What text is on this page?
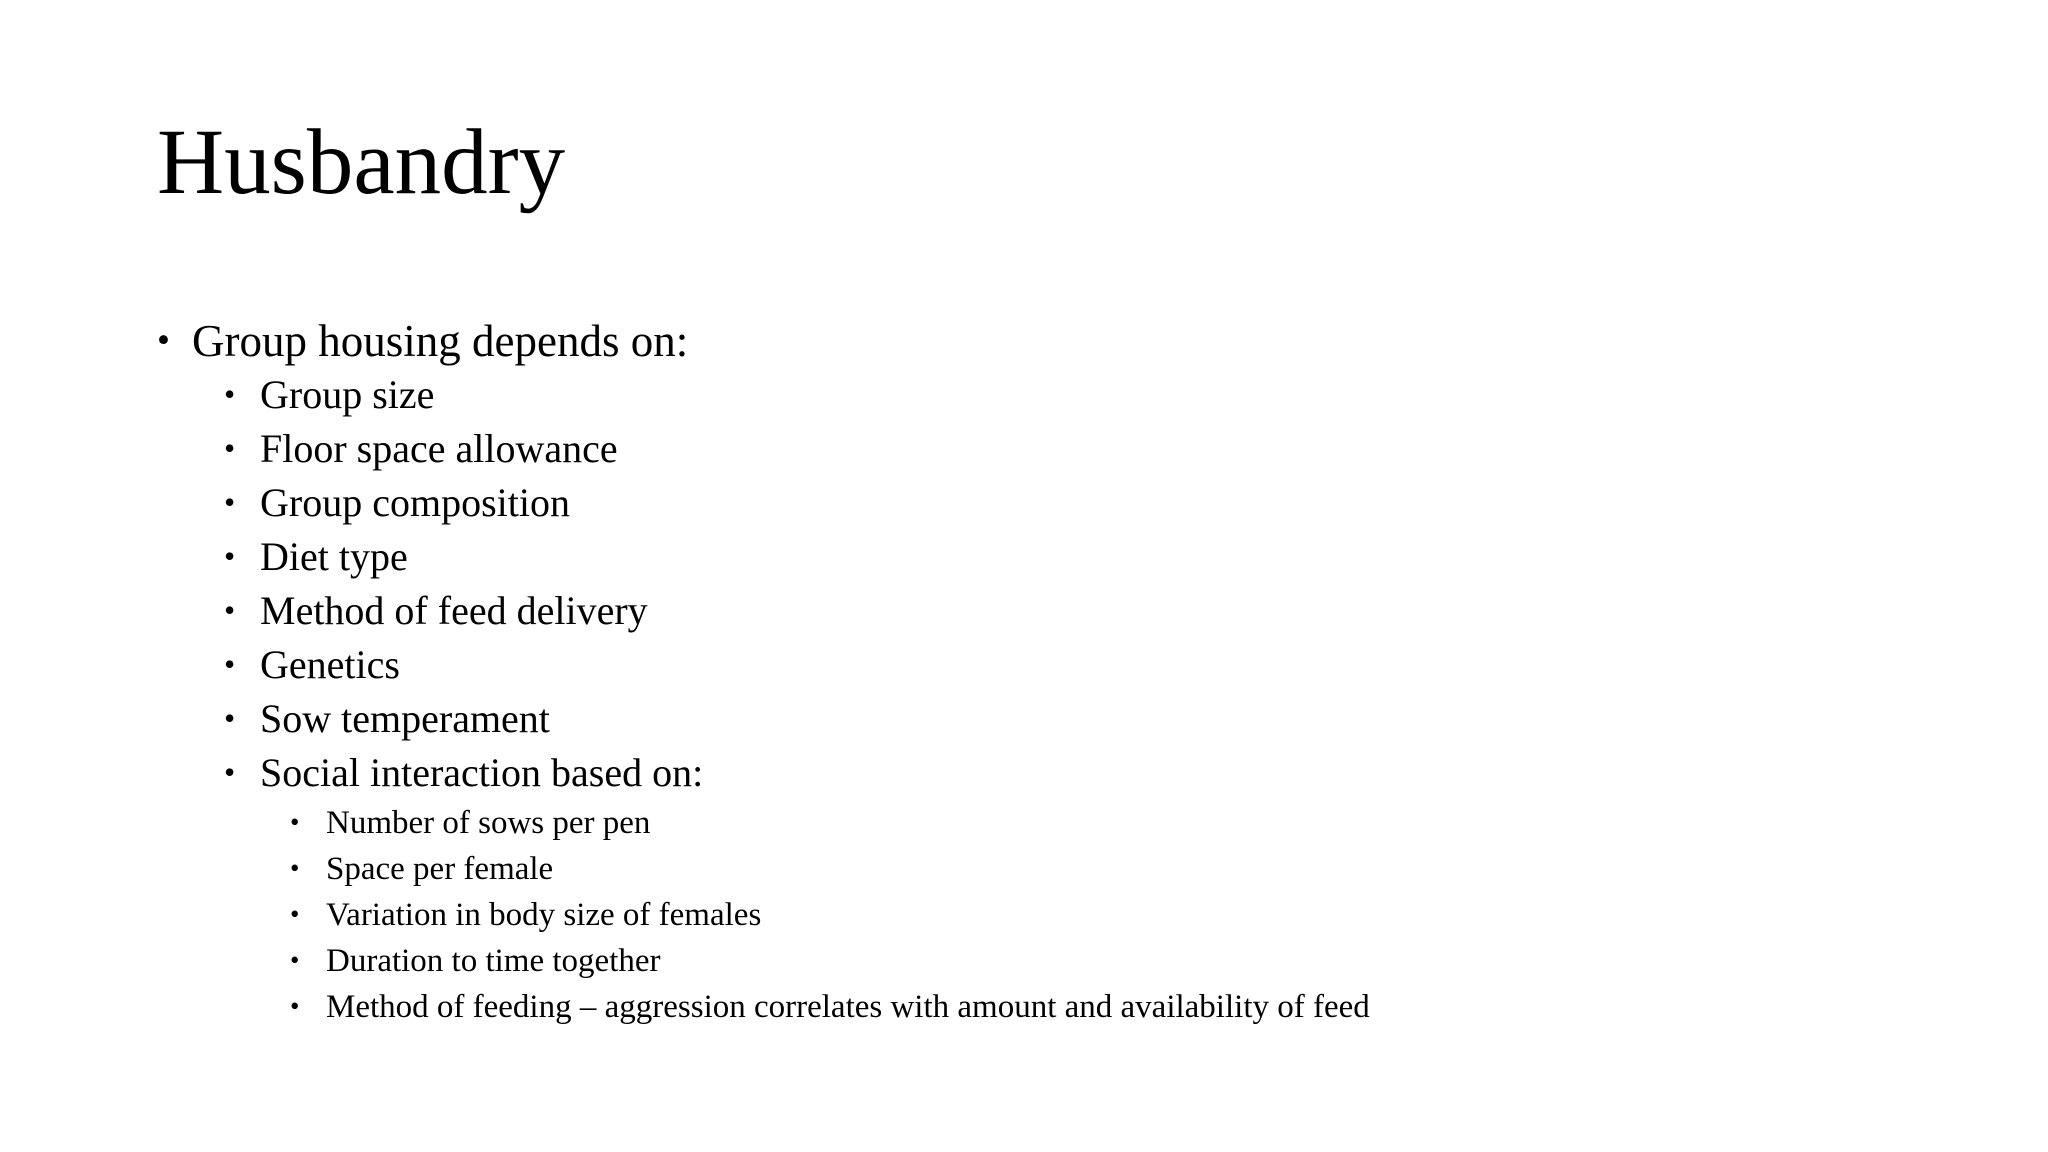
Husbandry
• Group housing depends on:
• Group size
• Floor space allowance
• Group composition
• Diet type
• Method of feed delivery
• Genetics
• Sow temperament
• Social interaction based on:
• Number of sows per pen
• Space per female
• Variation in body size of females
• Duration to time together
• Method of feeding – aggression correlates with amount and availability of feed
